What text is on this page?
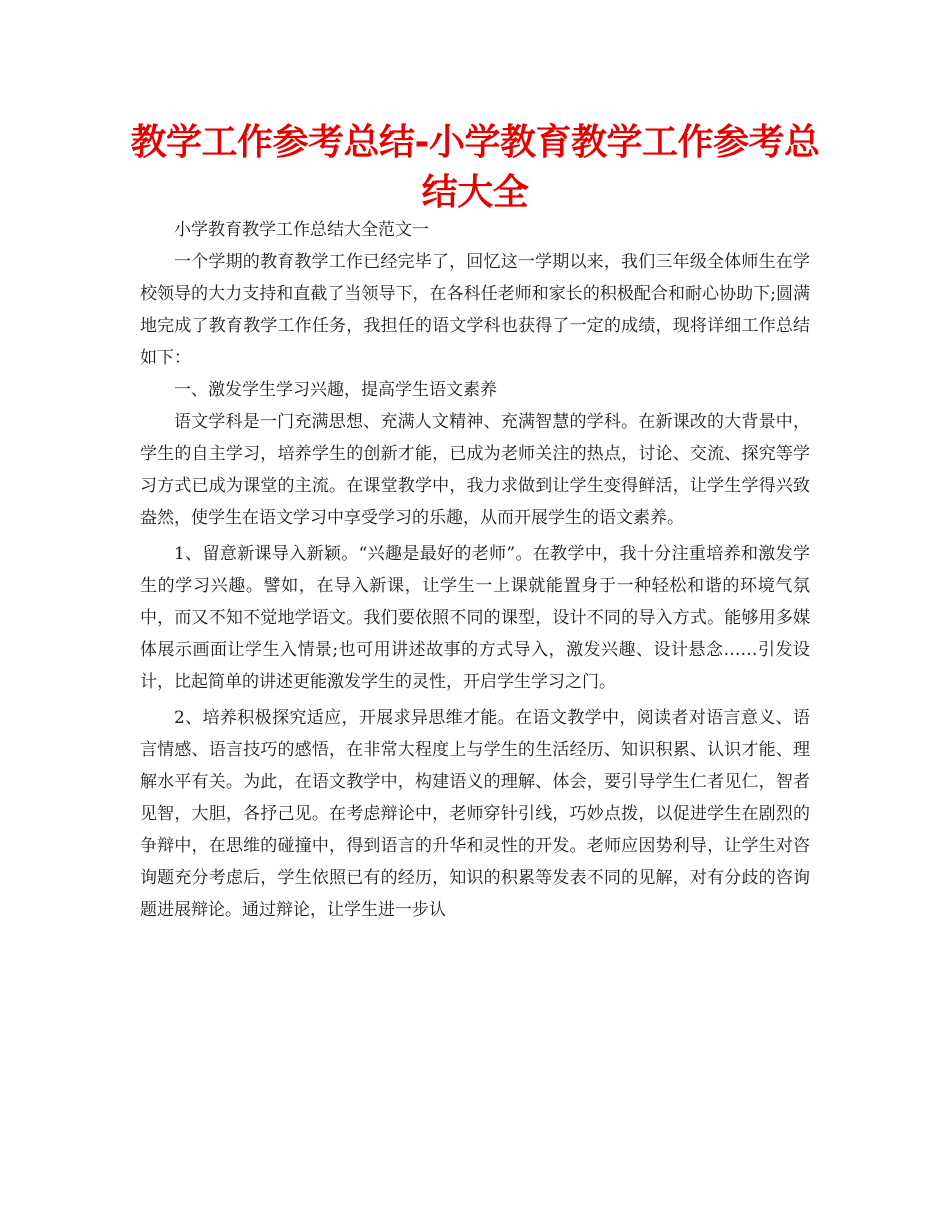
教学工作参考总结-小学教育教学工作参考总结大全

小学教育教学工作总结大全范文一

一个学期的教育教学工作已经完毕了，回忆这一学期以来，我们三年级全体师生在学校领导的大力支持和直截了当领导下，在各科任老师和家长的积极配合和耐心协助下;圆满地完成了教育教学工作任务，我担任的语文学科也获得了一定的成绩，现将详细工作总结如下：

一、激发学生学习兴趣，提高学生语文素养

语文学科是一门充满思想、充满人文精神、充满智慧的学科。在新课改的大背景中，学生的自主学习，培养学生的创新才能，已成为老师关注的热点，讨论、交流、探究等学习方式已成为课堂的主流。在课堂教学中，我力求做到让学生变得鲜活，让学生学得兴致盎然，使学生在语文学习中享受学习的乐趣，从而开展学生的语文素养。

1、留意新课导入新颖。“兴趣是最好的老师”。在教学中，我十分注重培养和激发学生的学习兴趣。譬如，在导入新课，让学生一上课就能置身于一种轻松和谐的环境气氛中，而又不知不觉地学语文。我们要依照不同的课型，设计不同的导入方式。能够用多媒体展示画面让学生入情景;也可用讲述故事的方式导入，激发兴趣、设计悬念……引发设计，比起简单的讲述更能激发学生的灵性，开启学生学习之门。

2、培养积极探究适应，开展求异思维才能。在语文教学中，阅读者对语言意义、语言情感、语言技巧的感悟，在非常大程度上与学生的生活经历、知识积累、认识才能、理解水平有关。为此，在语文教学中，构建语义的理解、体会，要引导学生仁者见仁，智者见智，大胆，各抒己见。在考虑辩论中，老师穿针引线，巧妙点拨，以促进学生在剧烈的争辩中，在思维的碰撞中，得到语言的升华和灵性的开发。老师应因势利导，让学生对咨询题充分考虑后，学生依照已有的经历，知识的积累等发表不同的见解，对有分歧的咨询题进展辩论。通过辩论，让学生进一步认
